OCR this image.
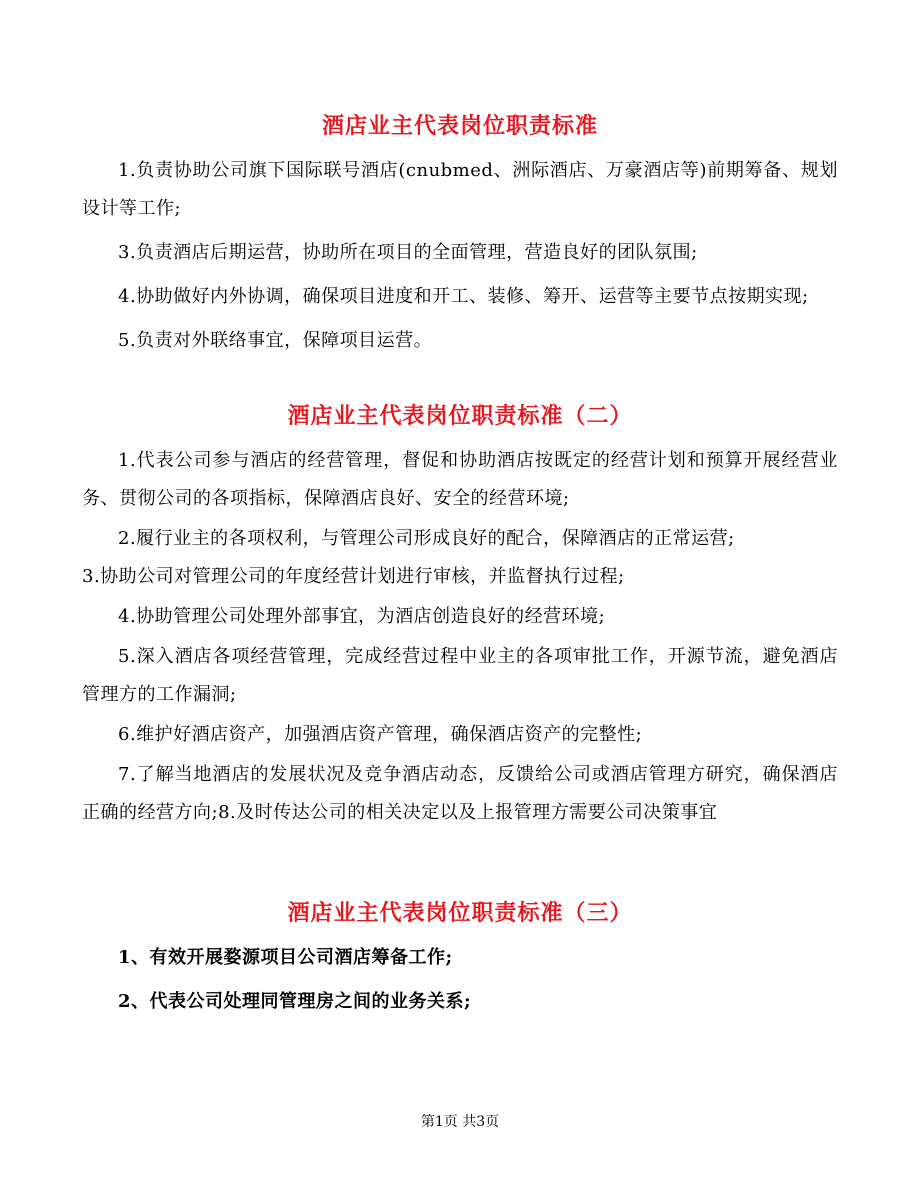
酒店业主代表岗位职责标准

1.负责协助公司旗下国际联号酒店(cnubmed、洲际酒店、万豪酒店等)前期筹备、规划设计等工作;

3.负责酒店后期运营，协助所在项目的全面管理，营造良好的团队氛围;

4.协助做好内外协调，确保项目进度和开工、装修、筹开、运营等主要节点按期实现;

5.负责对外联络事宜，保障项目运营。

酒店业主代表岗位职责标准（二）

1.代表公司参与酒店的经营管理，督促和协助酒店按既定的经营计划和预算开展经营业务、贯彻公司的各项指标，保障酒店良好、安全的经营环境;

2.履行业主的各项权利，与管理公司形成良好的配合，保障酒店的正常运营;

3.协助公司对管理公司的年度经营计划进行审核，并监督执行过程;

4.协助管理公司处理外部事宜，为酒店创造良好的经营环境;

5.深入酒店各项经营管理，完成经营过程中业主的各项审批工作，开源节流，避免酒店管理方的工作漏洞;

6.维护好酒店资产，加强酒店资产管理，确保酒店资产的完整性;

7.了解当地酒店的发展状况及竞争酒店动态，反馈给公司或酒店管理方研究，确保酒店正确的经营方向;8.及时传达公司的相关决定以及上报管理方需要公司决策事宜

酒店业主代表岗位职责标准（三）

1、有效开展婺源项目公司酒店筹备工作;

2、代表公司处理同管理房之间的业务关系;

第1页 共3页
